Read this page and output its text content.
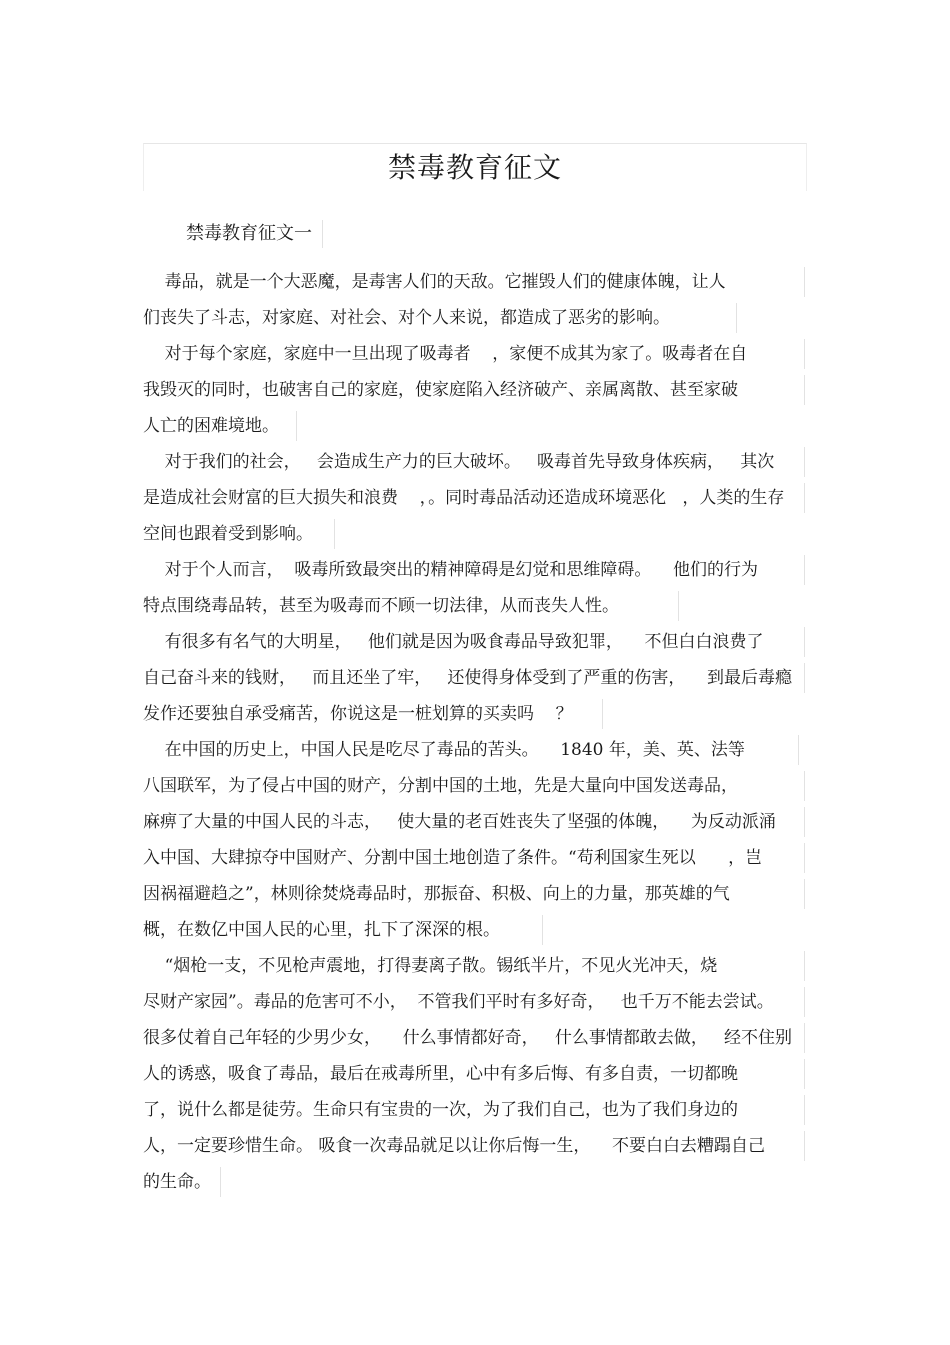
禁毒教育征文
禁毒教育征文一
毒品，就是一个大恶魔，是毒害人们的天敌。它摧毁人们的健康体魄，让人
们丧失了斗志，对家庭、对社会、对个人来说，都造成了恶劣的影响。
对于每个家庭，家庭中一旦出现了吸毒者    ，家便不成其为家了。吸毒者在自
我毁灭的同时，也破害自己的家庭，使家庭陷入经济破产、亲属离散、甚至家破
人亡的困难境地。
对于我们的社会，   会造成生产力的巨大破坏。   吸毒首先导致身体疾病，   其次
是造成社会财富的巨大损失和浪费    ，。同时毒品活动还造成环境恶化   ，人类的生存
空间也跟着受到影响。
对于个人而言，  吸毒所致最突出的精神障碍是幻觉和思维障碍。    他们的行为
特点围绕毒品转，甚至为吸毒而不顾一切法律，从而丧失人性。
有很多有名气的大明星，   他们就是因为吸食毒品导致犯罪，    不但白白浪费了
自己奋斗来的钱财，   而且还坐了牢，   还使得身体受到了严重的伤害，    到最后毒瘾
发作还要独自承受痛苦，你说这是一桩划算的买卖吗    ？
在中国的历史上，中国人民是吃尽了毒品的苦头。    1840 年，美、英、法等
八国联军，为了侵占中国的财产，分割中国的土地，先是大量向中国发送毒品，
麻痹了大量的中国人民的斗志，   使大量的老百姓丧失了坚强的体魄，    为反动派涌
入中国、大肆掠夺中国财产、分割中国土地创造了条件。“苟利国家生死以      ，岂
因祸福避趋之”，林则徐焚烧毒品时，那振奋、积极、向上的力量，那英雄的气
概，在数亿中国人民的心里，扎下了深深的根。
“烟枪一支，不见枪声震地，打得妻离子散。锡纸半片，不见火光冲天，烧
尽财产家园”。毒品的危害可不小，  不管我们平时有多好奇，   也千万不能去尝试。
很多仗着自己年轻的少男少女，    什么事情都好奇，   什么事情都敢去做，   经不住别
人的诱惑，吸食了毒品，最后在戒毒所里，心中有多后悔、有多自责，一切都晚
了，说什么都是徒劳。生命只有宝贵的一次，为了我们自己，也为了我们身边的
人，一定要珍惜生命。 吸食一次毒品就足以让你后悔一生，    不要白白去糟蹋自己
的生命。
